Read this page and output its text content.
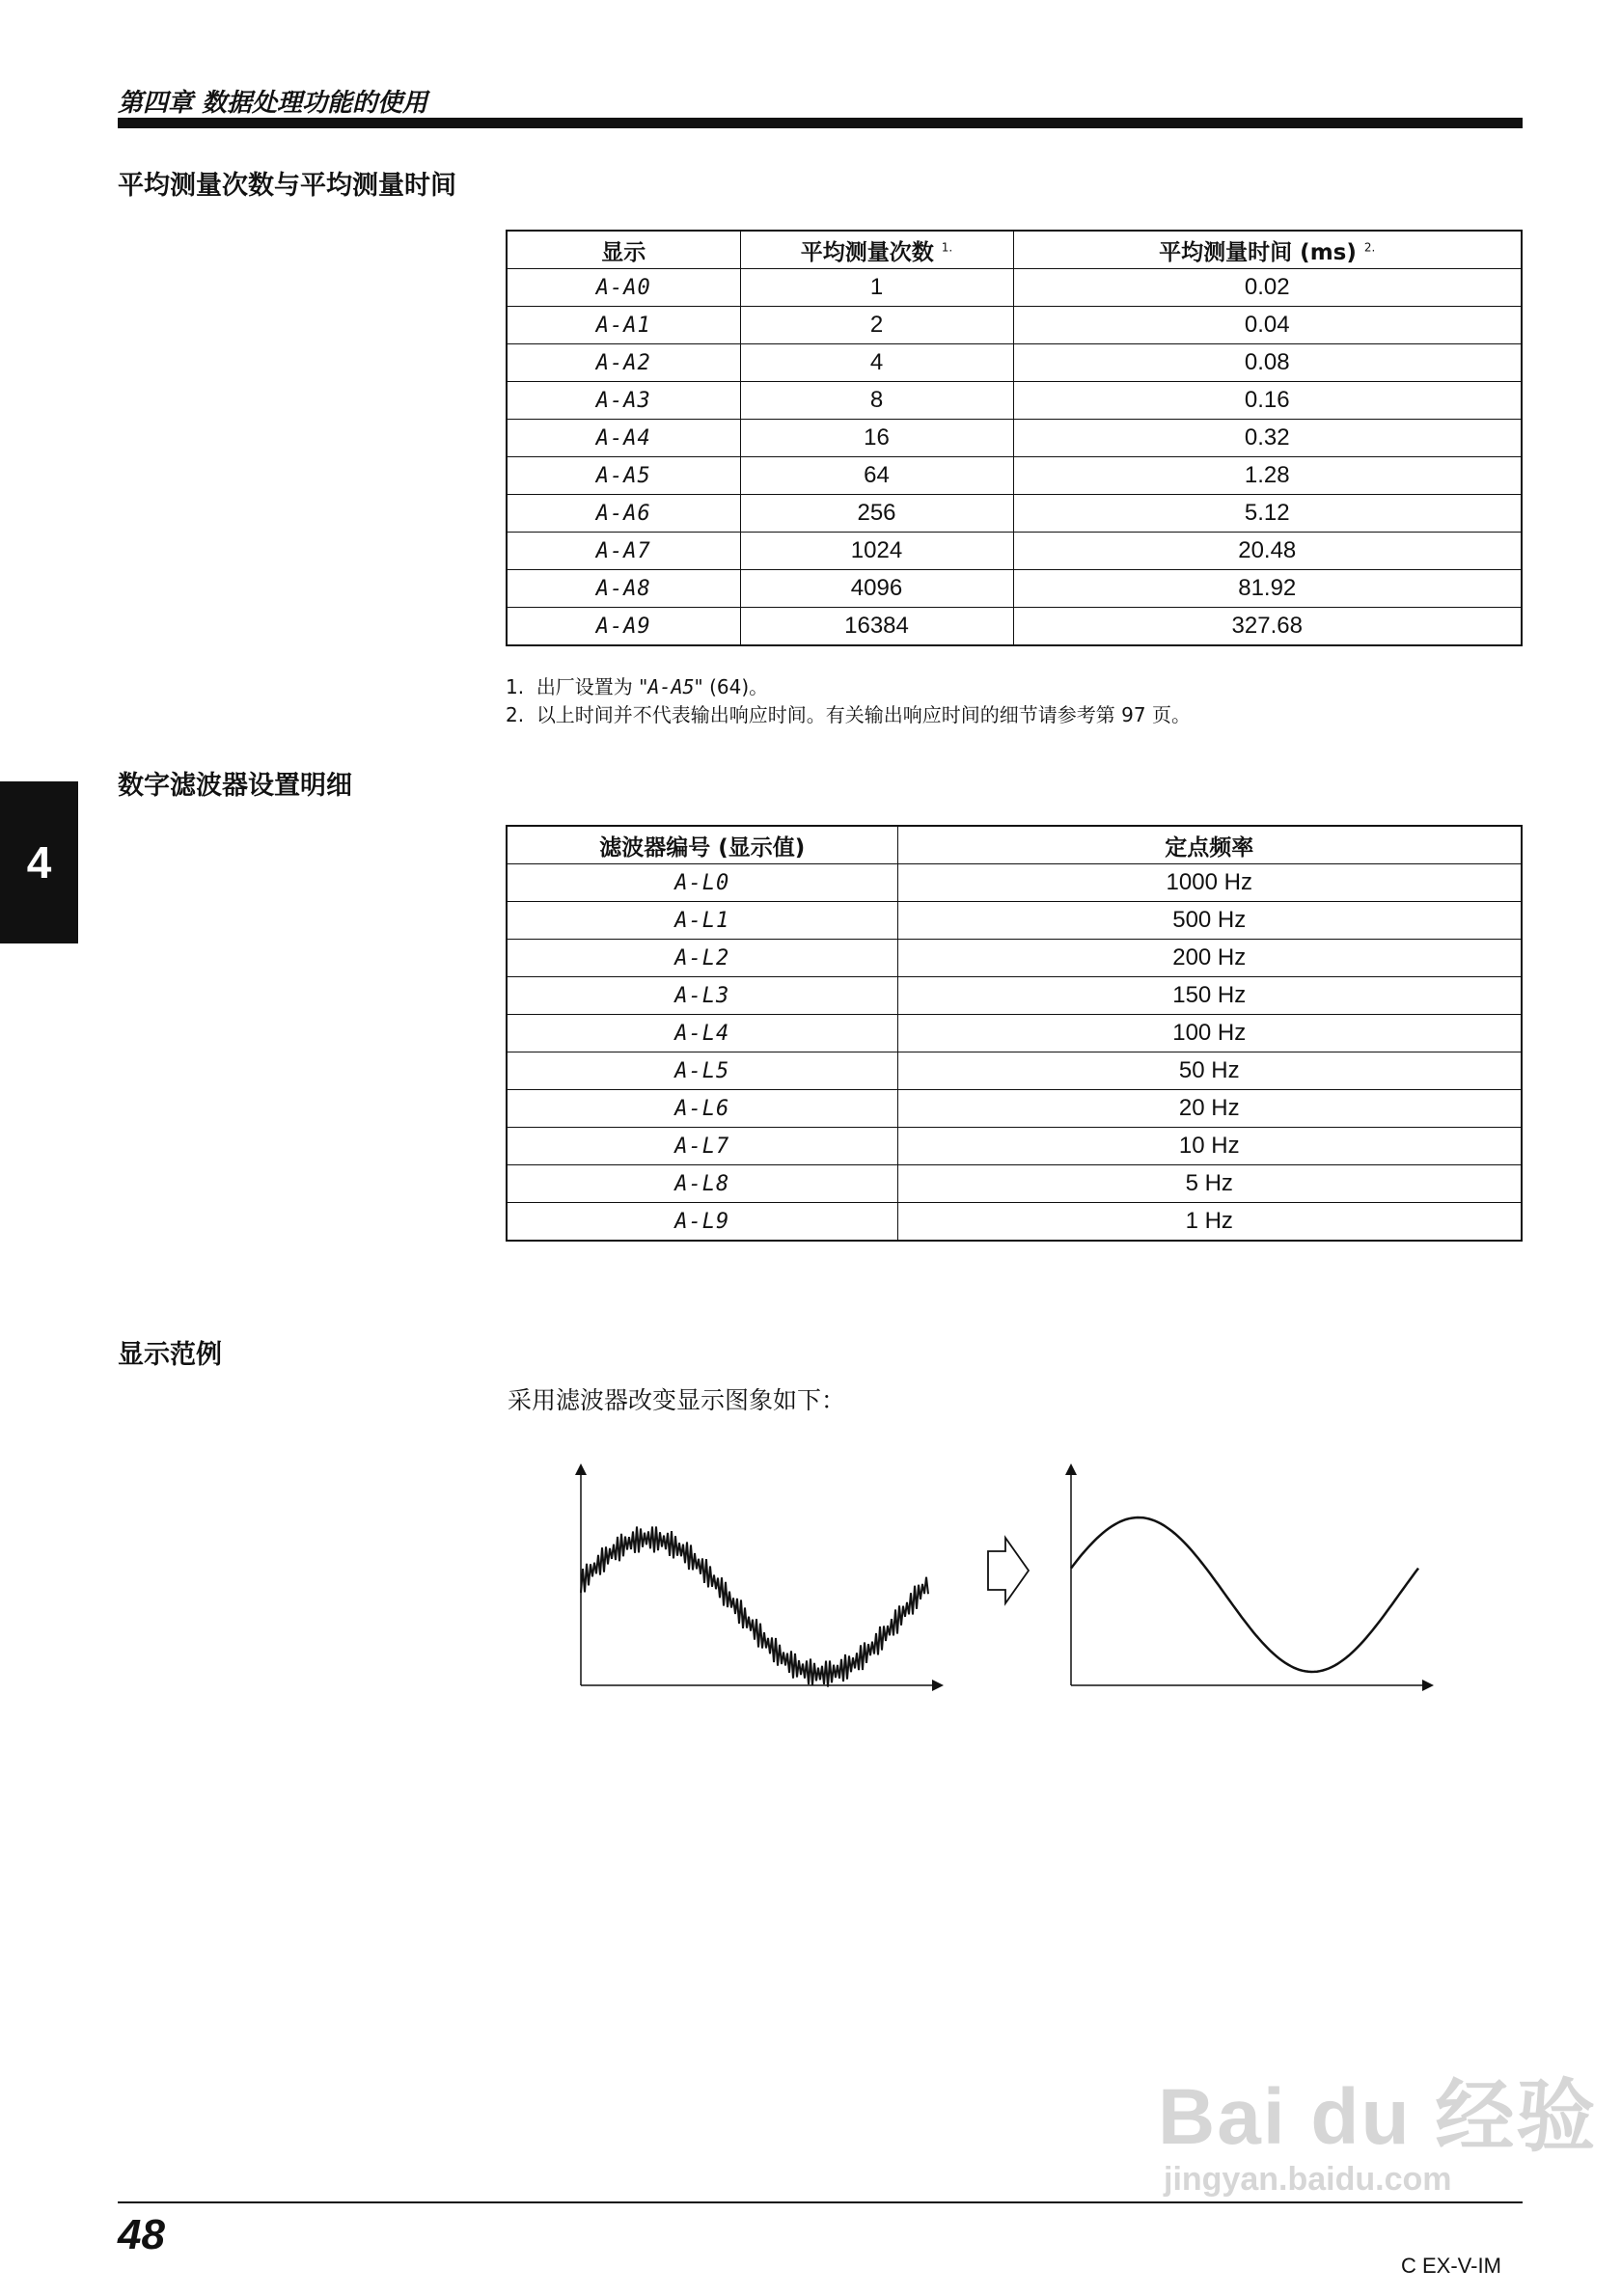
第四章 数据处理功能的使用
4
平均测量次数与平均测量时间
显示	平均测量次数 $^{1.}$	平均测量时间 (ms) $^{2.}$
A-A0	1	0.02
A-A1	2	0.04
A-A2	4	0.08
A-A3	8	0.16
A-A4	16	0.32
A-A5	64	1.28
A-A6	256	5.12
A-A7	1024	20.48
A-A8	4096	81.92
A-A9	16384	327.68
1. 出厂设置为 "A-A5" (64)。
2. 以上时间并不代表输出响应时间。有关输出响应时间的细节请参考第 97 页。
数字滤波器设置明细
滤波器编号 (显示值)	定点频率
A-L0	1000 Hz
A-L1	500 Hz
A-L2	200 Hz
A-L3	150 Hz
A-L4	100 Hz
A-L5	50 Hz
A-L6	20 Hz
A-L7	10 Hz
A-L8	5 Hz
A-L9	1 Hz
显示范例
采用滤波器改变显示图象如下：
48
C EX-V-IM
Bai du 经验
jingyan.baidu.com
